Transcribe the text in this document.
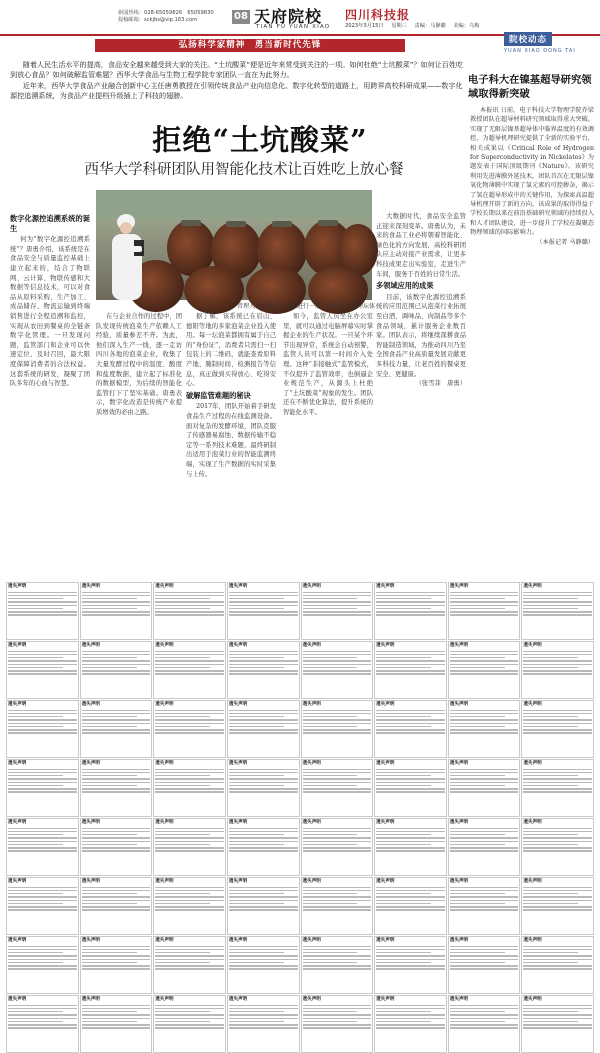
新闻热线：028-65059826　65059830
投稿邮箱：sckjbs@vip.163.com	08 天府院校
TIAN FU YUAN XIAO
四川科技报
2023年3月15日 星期三 责编：马静璐 美编：乌梅
院校动态
YUAN XIAO DONG TAI
弘扬科学家精神　勇当新时代先锋

随着人民生活水平的提高，食品安全越来越受到大家的关注。“土坑酸菜”便是近年来常受到关注的一项。如何杜绝“土坑酸菜”？如何让百姓吃到放心食品？如何破解监管难题？西华大学食品与生物工程学院专家团队一直在为此努力。

近年来，西华大学食品产业融合创新中心主任唐勇教授在引领传统食品产业向信息化、数字化转型的道路上，用跨界高校科研成果——数字化源控追溯系统，为食品产业提档升级插上了科技的翅膀。

电子科大在镍基超导研究领域取得新突破

本报讯 日前，电子科技大学物理学院乔梁教授团队在超导材料研究领域取得重大突破。实现了无限层镍基超导体中临界温度的有效调控，为超导机理研究提供了全新的实验平台，相关成果以《Critical Role of Hydrogen for Superconductivity in Nickelates》为题发表于国际顶级期刊《Nature》。该研究利用先进薄膜外延技术，团队首次在无限层镍氧化物薄膜中实现了氢元素的可控掺杂，揭示了氢在超导形成中的关键作用，为探索高温超导机理开辟了新的方向。该成果的取得得益于学校长期以来在前沿基础研究领域的持续投入和人才团队建设，进一步提升了学校在凝聚态物理领域的国际影响力。

（本报记者 马静璐）
拒绝“土坑酸菜”
西华大学科研团队用智能化技术让百姓吃上放心餐
管理人员利用云计技术进行一瓶一码信息化管理坛体

数字化源控追溯系统的诞生

何为“数字化源控追溯系统”？唐勇介绍，该系统是在食品安全与质量监控基础上建立起来的，结合了物联网、云计算、物联传感和大数据等信息技术，可以对食品从原料采购、生产加工、成品储存、物流运输到终端销售进行全程追溯和监控，实现从农田到餐桌的全链条数字化管理。一旦发现问题，监管部门和企业可以快速定位、及时召回，最大限度保障消费者的合法权益。这套系统的研发，凝聚了团队多年的心血与智慧。

在与企业合作的过程中，团队发现传统泡菜生产依赖人工经验，质量参差不齐。为此，他们深入生产一线，逐一走访四川各地的泡菜企业，收集了大量发酵过程中的温度、酸度和盐度数据，建立起了标准化的数据模型，为后续的智能化监管打下了坚实基础。唐勇表示，数字化改造是传统产业提质增效的必由之路。

据了解，该系统已在眉山、德阳等地的多家泡菜企业投入使用。每一坛泡菜都拥有属于自己的“身份证”，消费者只需扫一扫包装上的二维码，就能查看原料产地、腌制时间、检测报告等信息，真正做到买得放心、吃得安心。

破解监管难题的秘诀

2017年，团队开始着手研发食品生产过程的在线监测设备。面对复杂的发酵环境，团队克服了传感器易腐蚀、数据传输不稳定等一系列技术难题，最终研制出适用于泡菜行业的智能监测终端，实现了生产数据的实时采集与上传。

如今，监管人员坐在办公室里，就可以通过电脑屏幕实时掌握企业的生产状况。一旦某个环节出现异常，系统会自动预警，监管人员可以第一时间介入处理。这种“非接触式”监管模式，不仅提升了监管效率，也倒逼企业规范生产，从源头上杜绝了“土坑酸菜”现象的发生。团队还在不断优化算法，提升系统的智能化水平。

大数据时代，食品安全监管正迎来深刻变革。唐勇认为，未来的食品工业必将朝着智能化、绿色化的方向发展，高校科研团队应主动对接产业需求，让更多科技成果走出实验室，走进生产车间，服务于百姓的日常生活。

多领域应用的成果

目前，该数字化源控追溯系统的应用范围已从泡菜行业拓展至白酒、调味品、肉制品等多个食品领域，累计服务企业数百家。团队表示，将继续深耕食品智能制造领域，为推动四川乃至全国食品产业高质量发展贡献更多科技力量，让老百姓的餐桌更安全、更健康。

（张雪菲　唐勇）
遗失声明	遗失声明	遗失声明	遗失声明	遗失声明	遗失声明	遗失声明	遗失声明
遗失声明	遗失声明	遗失声明	遗失声明	遗失声明	遗失声明	遗失声明	遗失声明
遗失声明	遗失声明	遗失声明	遗失声明	遗失声明	遗失声明	遗失声明	遗失声明
遗失声明	遗失声明	遗失声明	遗失声明	遗失声明	遗失声明	遗失声明	遗失声明
遗失声明	遗失声明	遗失声明	遗失声明	遗失声明	遗失声明	遗失声明	遗失声明
遗失声明	遗失声明	遗失声明	遗失声明	遗失声明	遗失声明	遗失声明	遗失声明
遗失声明	遗失声明	遗失声明	遗失声明	遗失声明	遗失声明	遗失声明	遗失声明
遗失声明	遗失声明	遗失声明	遗失声明	遗失声明	遗失声明	遗失声明	遗失声明
